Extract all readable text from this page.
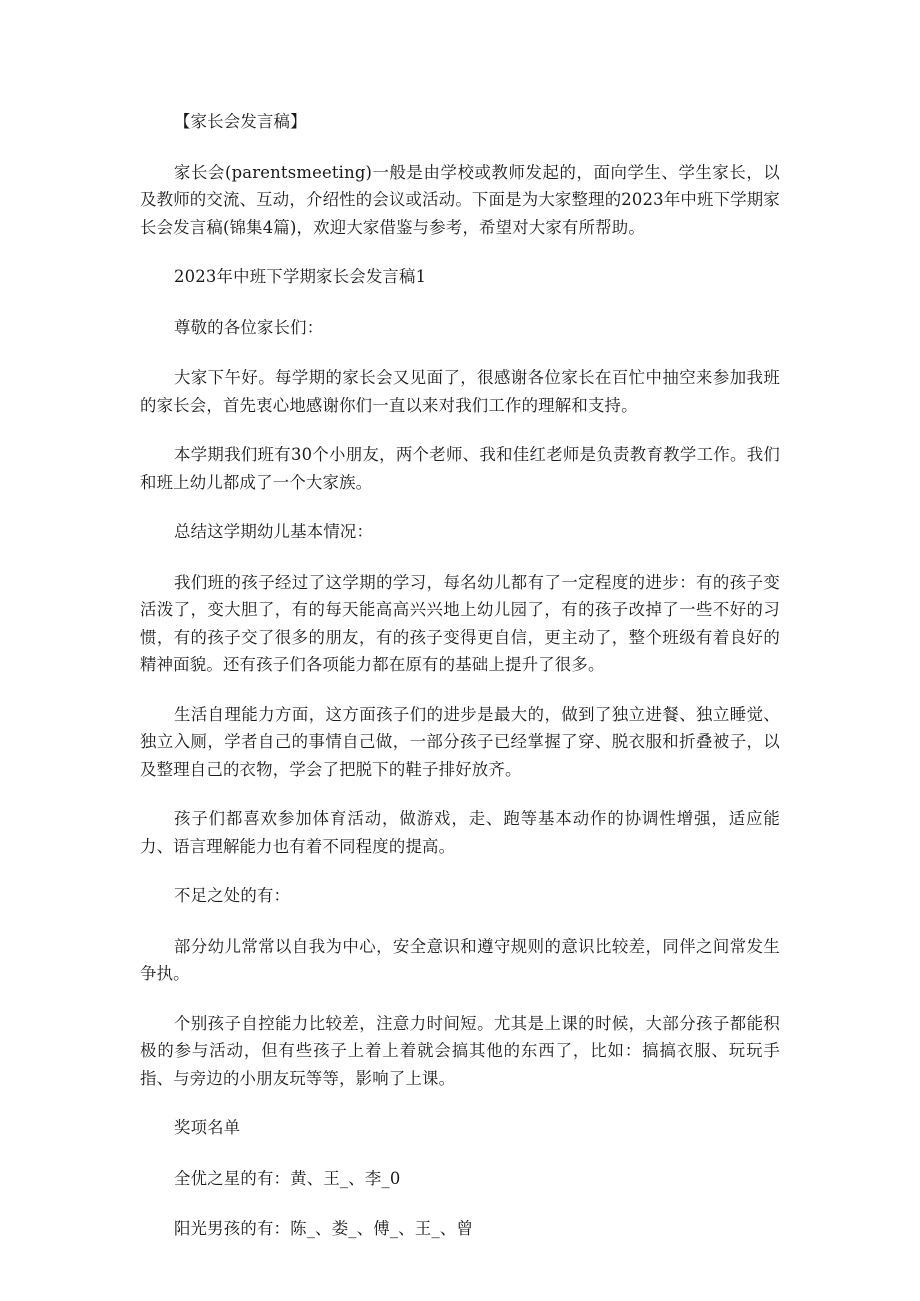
【家长会发言稿】

家长会(parentsmeeting)一般是由学校或教师发起的，面向学生、学生家长，以及教师的交流、互动，介绍性的会议或活动。下面是为大家整理的2023年中班下学期家长会发言稿(锦集4篇)，欢迎大家借鉴与参考，希望对大家有所帮助。

2023年中班下学期家长会发言稿1

尊敬的各位家长们：

大家下午好。每学期的家长会又见面了，很感谢各位家长在百忙中抽空来参加我班的家长会，首先衷心地感谢你们一直以来对我们工作的理解和支持。

本学期我们班有30个小朋友，两个老师、我和佳红老师是负责教育教学工作。我们和班上幼儿都成了一个大家族。

总结这学期幼儿基本情况：

我们班的孩子经过了这学期的学习，每名幼儿都有了一定程度的进步：有的孩子变活泼了，变大胆了，有的每天能高高兴兴地上幼儿园了，有的孩子改掉了一些不好的习惯，有的孩子交了很多的朋友，有的孩子变得更自信，更主动了，整个班级有着良好的精神面貌。还有孩子们各项能力都在原有的基础上提升了很多。

生活自理能力方面，这方面孩子们的进步是最大的，做到了独立进餐、独立睡觉、独立入厕，学者自己的事情自己做，一部分孩子已经掌握了穿、脱衣服和折叠被子，以及整理自己的衣物，学会了把脱下的鞋子排好放齐。

孩子们都喜欢参加体育活动，做游戏，走、跑等基本动作的协调性增强，适应能力、语言理解能力也有着不同程度的提高。

不足之处的有：

部分幼儿常常以自我为中心，安全意识和遵守规则的意识比较差，同伴之间常发生争执。

个别孩子自控能力比较差，注意力时间短。尤其是上课的时候，大部分孩子都能积极的参与活动，但有些孩子上着上着就会搞其他的东西了，比如：搞搞衣服、玩玩手指、与旁边的小朋友玩等等，影响了上课。

奖项名单

全优之星的有：黄、王_、李_0

阳光男孩的有：陈_、娄_、傅_、王_、曾
